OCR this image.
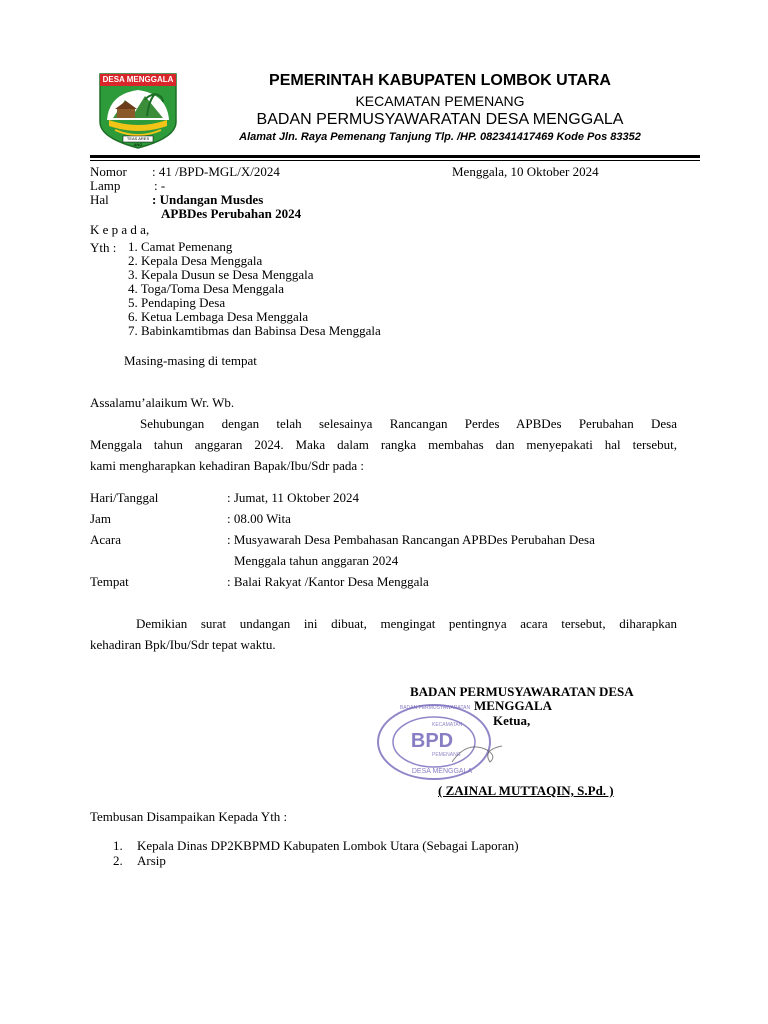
DESA MENGGALA
TEAS ARES ANG
PEMERINTAH KABUPATEN LOMBOK UTARA
KECAMATAN PEMENANG
BADAN PERMUSYAWARATAN DESA MENGGALA
Alamat Jln. Raya Pemenang Tanjung Tlp. /HP. 082341417469 Kode Pos 83352
Nomor : 41 /BPD-MGL/X/2024	Menggala, 10 Oktober 2024
Lamp	: -
Hal	: Undangan Musdes
APBDes Perubahan 2024
K e p a d a,
Yth : 1. Camat Pemenang
2. Kepala Desa Menggala
3. Kepala Dusun se Desa Menggala
4. Toga/Toma Desa Menggala
5. Pendaping Desa
6. Ketua Lembaga Desa Menggala
7. Babinkamtibmas dan Babinsa Desa Menggala
Masing-masing di tempat
Assalamu’alaikum Wr. Wb.
Sehubungan dengan telah selesainya Rancangan Perdes APBDes Perubahan Desa
Menggala tahun anggaran 2024. Maka dalam rangka membahas dan menyepakati hal tersebut,
kami mengharapkan kehadiran Bapak/Ibu/Sdr pada :
Hari/Tanggal	: Jumat, 11 Oktober 2024
Jam	: 08.00 Wita
Acara	: Musyawarah Desa Pembahasan Rancangan APBDes Perubahan Desa
Menggala tahun anggaran 2024
Tempat	: Balai Rakyat /Kantor Desa Menggala
Demikian surat undangan ini dibuat, mengingat pentingnya acara tersebut, diharapkan
kehadiran Bpk/Ibu/Sdr tepat waktu.
BADAN PERMUSYAWARATAN DESA
MENGGALA
Ketua,
BADAN PERMUSYAWARATAN
BPD
KECAMATAN
PEMENANG
DESA MENGGALA
( ZAINAL MUTTAQIN, S.Pd. )
Tembusan Disampaikan Kepada Yth :
1. Kepala Dinas DP2KBPMD Kabupaten Lombok Utara (Sebagai Laporan)
2. Arsip
